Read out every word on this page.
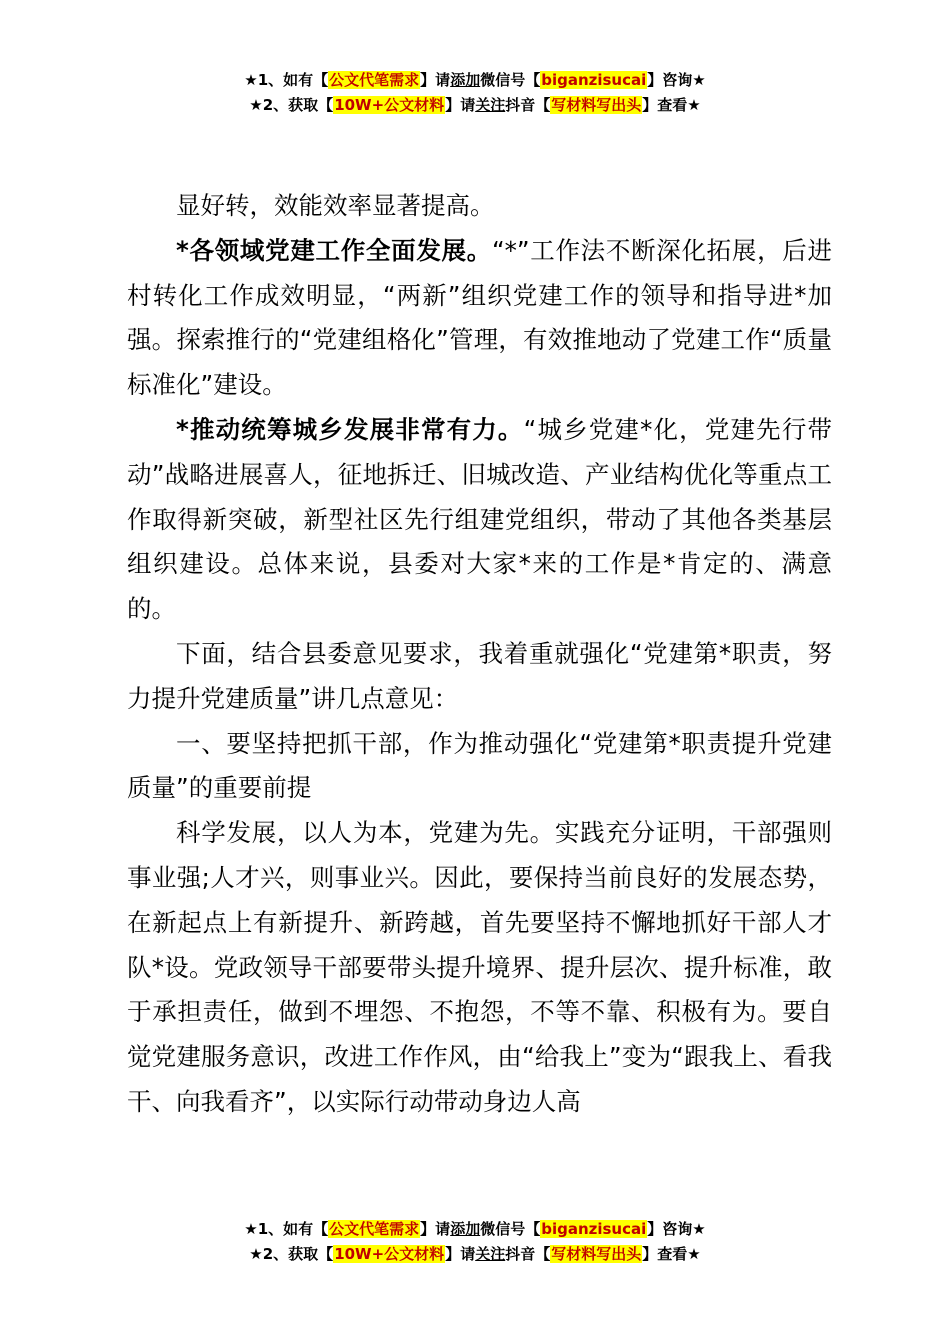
★1、如有【公文代笔需求】请添加微信号【biganzisucai】咨询★
★2、获取【10W+公文材料】请关注抖音【写材料写出头】查看★

显好转，效能效率显著提高。

*各领域党建工作全面发展。“*”工作法不断深化拓展，后进村转化工作成效明显，“两新”组织党建工作的领导和指导进*加强。探索推行的“党建组格化”管理，有效推地动了党建工作“质量标准化”建设。

*推动统筹城乡发展非常有力。“城乡党建*化，党建先行带动”战略进展喜人，征地拆迁、旧城改造、产业结构优化等重点工作取得新突破，新型社区先行组建党组织，带动了其他各类基层组织建设。总体来说，县委对大家*来的工作是*肯定的、满意的。

下面，结合县委意见要求，我着重就强化“党建第*职责，努力提升党建质量”讲几点意见：

一、要坚持把抓干部，作为推动强化“党建第*职责提升党建质量”的重要前提

科学发展，以人为本，党建为先。实践充分证明，干部强则事业强;人才兴，则事业兴。因此，要保持当前良好的发展态势，在新起点上有新提升、新跨越，首先要坚持不懈地抓好干部人才队*设。党政领导干部要带头提升境界、提升层次、提升标准，敢于承担责任，做到不埋怨、不抱怨，不等不靠、积极有为。要自觉党建服务意识，改进工作作风，由“给我上”变为“跟我上、看我干、向我看齐”，以实际行动带动身边人高

★1、如有【公文代笔需求】请添加微信号【biganzisucai】咨询★
★2、获取【10W+公文材料】请关注抖音【写材料写出头】查看★
